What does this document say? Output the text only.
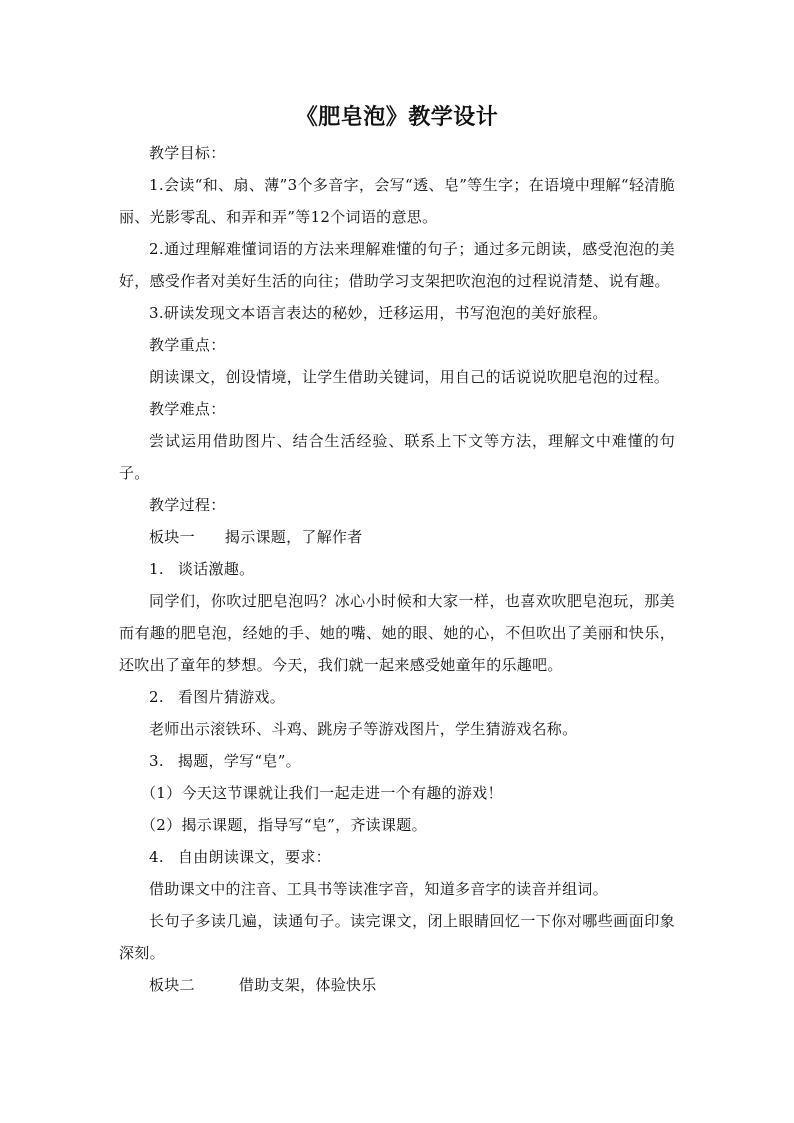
《肥皂泡》教学设计

教学目标：

1.会读“和、扇、薄”3个多音字，会写“透、皂”等生字；在语境中理解“轻清脆丽、光影零乱、和弄和弄”等12个词语的意思。

2.通过理解难懂词语的方法来理解难懂的句子；通过多元朗读，感受泡泡的美好，感受作者对美好生活的向往；借助学习支架把吹泡泡的过程说清楚、说有趣。

3.研读发现文本语言表达的秘妙，迁移运用，书写泡泡的美好旅程。

教学重点：

朗读课文，创设情境，让学生借助关键词，用自己的话说说吹肥皂泡的过程。

教学难点：

尝试运用借助图片、结合生活经验、联系上下文等方法，理解文中难懂的句子。

教学过程：

板块一 揭示课题，了解作者

1. 谈话激趣。

同学们，你吹过肥皂泡吗？冰心小时候和大家一样，也喜欢吹肥皂泡玩，那美而有趣的肥皂泡，经她的手、她的嘴、她的眼、她的心，不但吹出了美丽和快乐，还吹出了童年的梦想。今天，我们就一起来感受她童年的乐趣吧。

2. 看图片猜游戏。

老师出示滚铁环、斗鸡、跳房子等游戏图片，学生猜游戏名称。

3. 揭题，学写“皂”。

（1）今天这节课就让我们一起走进一个有趣的游戏！

（2）揭示课题，指导写“皂”，齐读课题。

4. 自由朗读课文，要求：

借助课文中的注音、工具书等读准字音，知道多音字的读音并组词。

长句子多读几遍，读通句子。读完课文，闭上眼睛回忆一下你对哪些画面印象深刻。

板块二	借助支架，体验快乐
